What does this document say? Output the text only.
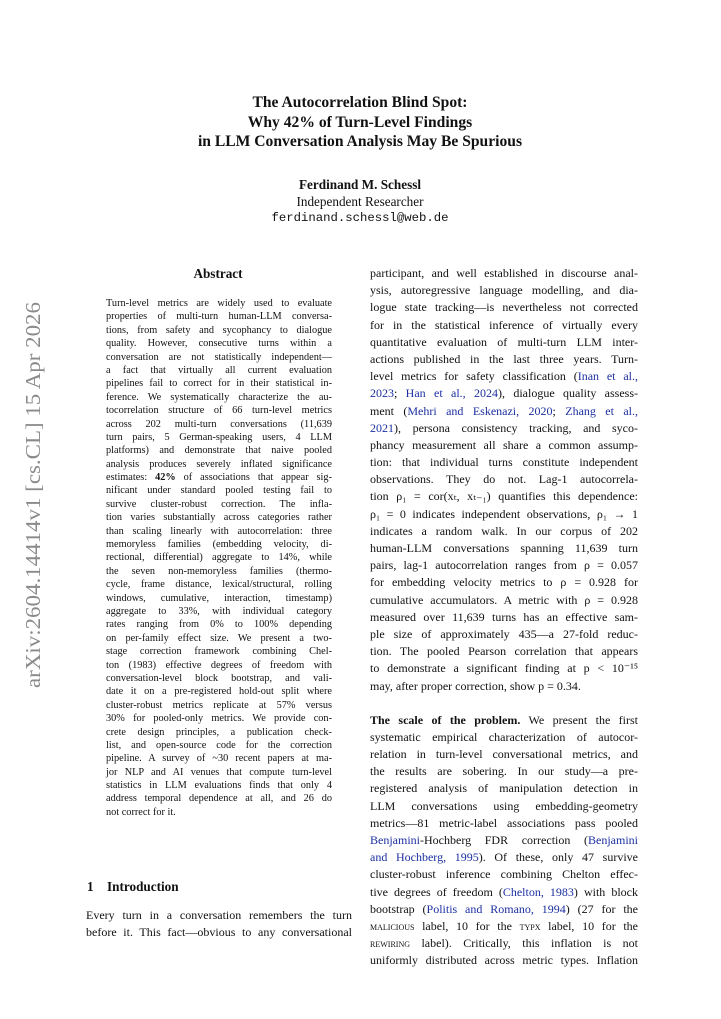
arXiv:2604.14414v1 [cs.CL] 15 Apr 2026
The Autocorrelation Blind Spot:
Why 42% of Turn-Level Findings
in LLM Conversation Analysis May Be Spurious
Ferdinand M. Schessl
Independent Researcher
ferdinand.schessl@web.de
Abstract
Turn-level metrics are widely used to evaluate
properties of multi-turn human-LLM conversa-
tions, from safety and sycophancy to dialogue
quality. However, consecutive turns within a
conversation are not statistically independent—
a fact that virtually all current evaluation
pipelines fail to correct for in their statistical in-
ference. We systematically characterize the au-
tocorrelation structure of 66 turn-level metrics
across 202 multi-turn conversations (11,639
turn pairs, 5 German-speaking users, 4 LLM
platforms) and demonstrate that naive pooled
analysis produces severely inflated significance
estimates: 42% of associations that appear sig-
nificant under standard pooled testing fail to
survive cluster-robust correction. The infla-
tion varies substantially across categories rather
than scaling linearly with autocorrelation: three
memoryless families (embedding velocity, di-
rectional, differential) aggregate to 14%, while
the seven non-memoryless families (thermo-
cycle, frame distance, lexical/structural, rolling
windows, cumulative, interaction, timestamp)
aggregate to 33%, with individual category
rates ranging from 0% to 100% depending
on per-family effect size. We present a two-
stage correction framework combining Chel-
ton (1983) effective degrees of freedom with
conversation-level block bootstrap, and vali-
date it on a pre-registered hold-out split where
cluster-robust metrics replicate at 57% versus
30% for pooled-only metrics. We provide con-
crete design principles, a publication check-
list, and open-source code for the correction
pipeline. A survey of ~30 recent papers at ma-
jor NLP and AI venues that compute turn-level
statistics in LLM evaluations finds that only 4
address temporal dependence at all, and 26 do
not correct for it.
1 Introduction
Every turn in a conversation remembers the turn
before it. This fact—obvious to any conversational
participant, and well established in discourse anal-
ysis, autoregressive language modelling, and dia-
logue state tracking—is nevertheless not corrected
for in the statistical inference of virtually every
quantitative evaluation of multi-turn LLM inter-
actions published in the last three years. Turn-
level metrics for safety classification (Inan et al.,
2023; Han et al., 2024), dialogue quality assess-
ment (Mehri and Eskenazi, 2020; Zhang et al.,
2021), persona consistency tracking, and syco-
phancy measurement all share a common assump-
tion: that individual turns constitute independent
observations. They do not. Lag-1 autocorrela-
tion ρ₁ = cor(xₜ, xₜ₋₁) quantifies this dependence:
ρ₁ = 0 indicates independent observations, ρ₁ → 1
indicates a random walk. In our corpus of 202
human-LLM conversations spanning 11,639 turn
pairs, lag-1 autocorrelation ranges from ρ = 0.057
for embedding velocity metrics to ρ = 0.928 for
cumulative accumulators. A metric with ρ = 0.928
measured over 11,639 turns has an effective sam-
ple size of approximately 435—a 27-fold reduc-
tion. The pooled Pearson correlation that appears
to demonstrate a significant finding at p < 10⁻¹⁵
may, after proper correction, show p = 0.34.
The scale of the problem. We present the first
systematic empirical characterization of autocor-
relation in turn-level conversational metrics, and
the results are sobering. In our study—a pre-
registered analysis of manipulation detection in
LLM conversations using embedding-geometry
metrics—81 metric-label associations pass pooled
Benjamini-Hochberg FDR correction (Benjamini
and Hochberg, 1995). Of these, only 47 survive
cluster-robust inference combining Chelton effec-
tive degrees of freedom (Chelton, 1983) with block
bootstrap (Politis and Romano, 1994) (27 for the
malicious label, 10 for the typx label, 10 for the
rewiring label). Critically, this inflation is not
uniformly distributed across metric types. Inflation
